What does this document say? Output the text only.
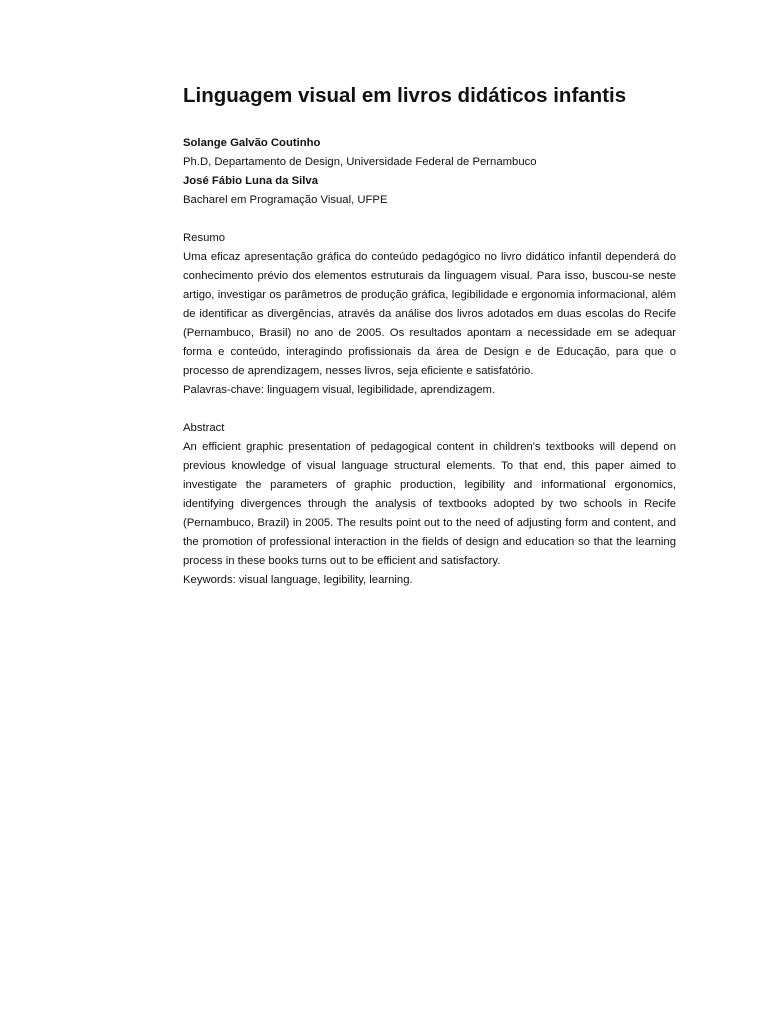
Linguagem visual em livros didáticos infantis
Solange Galvão Coutinho
Ph.D, Departamento de Design, Universidade Federal de Pernambuco
José Fábio Luna da Silva
Bacharel em Programação Visual, UFPE
Resumo

Uma eficaz apresentação gráfica do conteúdo pedagógico no livro didático infantil dependerá do conhecimento prévio dos elementos estruturais da linguagem visual. Para isso, buscou-se neste artigo, investigar os parâmetros de produção gráfica, legibilidade e ergonomia informacional, além de identificar as divergências, através da análise dos livros adotados em duas escolas do Recife (Pernambuco, Brasil) no ano de 2005. Os resultados apontam a necessidade em se adequar forma e conteúdo, interagindo profissionais da área de Design e de Educação, para que o processo de aprendizagem, nesses livros, seja eficiente e satisfatório.

Palavras-chave: linguagem visual, legibilidade, aprendizagem.
Abstract

An efficient graphic presentation of pedagogical content in children's textbooks will depend on previous knowledge of visual language structural elements. To that end, this paper aimed to investigate the parameters of graphic production, legibility and informational ergonomics, identifying divergences through the analysis of textbooks adopted by two schools in Recife (Pernambuco, Brazil) in 2005. The results point out to the need of adjusting form and content, and the promotion of professional interaction in the fields of design and education so that the learning process in these books turns out to be efficient and satisfactory.

Keywords: visual language, legibility, learning.
